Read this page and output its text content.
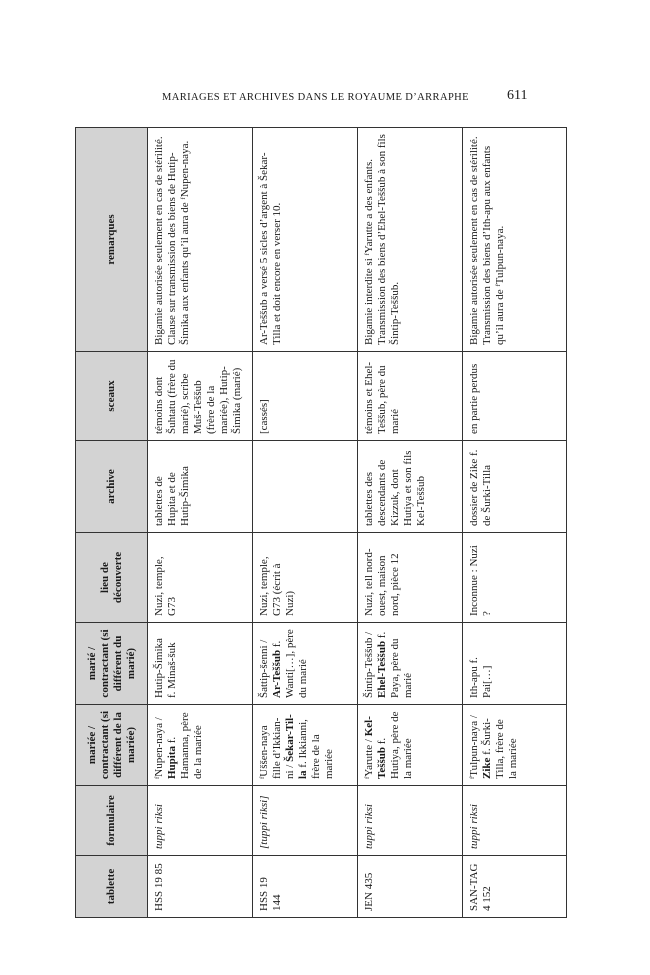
MARIAGES ET ARCHIVES DANS LE ROYAUME D’ARRAPHE	611
tablette	formulaire	mariée / contractant (si différent de la mariée)	marié / contractant (si différent du marié)	lieu de découverte	archive	sceaux	remarques
HSS 19 85	tuppi riksi	ᶠNupen-naya / Hupita f. Hamanna, père de la mariée	Hutip-Šimika f. Minaš-šuk	Nuzi, temple, G73	tablettes de Hupita et de Hutip-Šimika	témoins dont Šuhtatu (frère du marié), scribe Muš-Teššub (frère de la mariée), Hutip-Šimika (marié)	Bigamie autorisée seulement en cas de stérilité. Clause sur transmission des biens de Hutip-Šimika aux enfants qu’il aura de ᶠNupen-naya.
HSS 19 144	[tuppi riksi]	ᶠUššen-naya fille d’Ikkian-ni / Šekar-Til-la f. Ikkianni, frère de la mariée	Šattip-šenni / Ar-Teššub f. Wanti[…], père du marié	Nuzi, temple, G73 (écrit à Nuzi)		[cassés]	Ar-Teššub a versé 5 sicles d’argent à Šekar-Tilla et doit encore en verser 10.
JEN 435	tuppi riksi	ᶠYarutte / Kel-Teššub f. Hutiya, père de la mariée	Šintip-Teššub / Ehel-Teššub f. Paya, père du marié	Nuzi, tell nord-ouest, maison nord, pièce 12	tablettes des descendants de Kizzuk, dont Hutiya et son fils Kel-Teššub	témoins et Ehel-Teššub, père du marié	Bigamie interdite si ᶠYarutte a des enfants. Transmission des biens d’Ehel-Teššub à son fils Šintip-Teššub.
SAN-TAG 4 152	tuppi riksi	ᶠTulpun-naya / Zike f. Šurki-Tilla, frère de la mariée	Ith-apu f. Pai[…]	Inconnue : Nuzi ?	dossier de Zike f. de Šurki-Tilla	en partie perdus	Bigamie autorisée seulement en cas de stérilité. Transmission des biens d’Ith-apu aux enfants qu’il aura de ᶠTulpun-naya.
